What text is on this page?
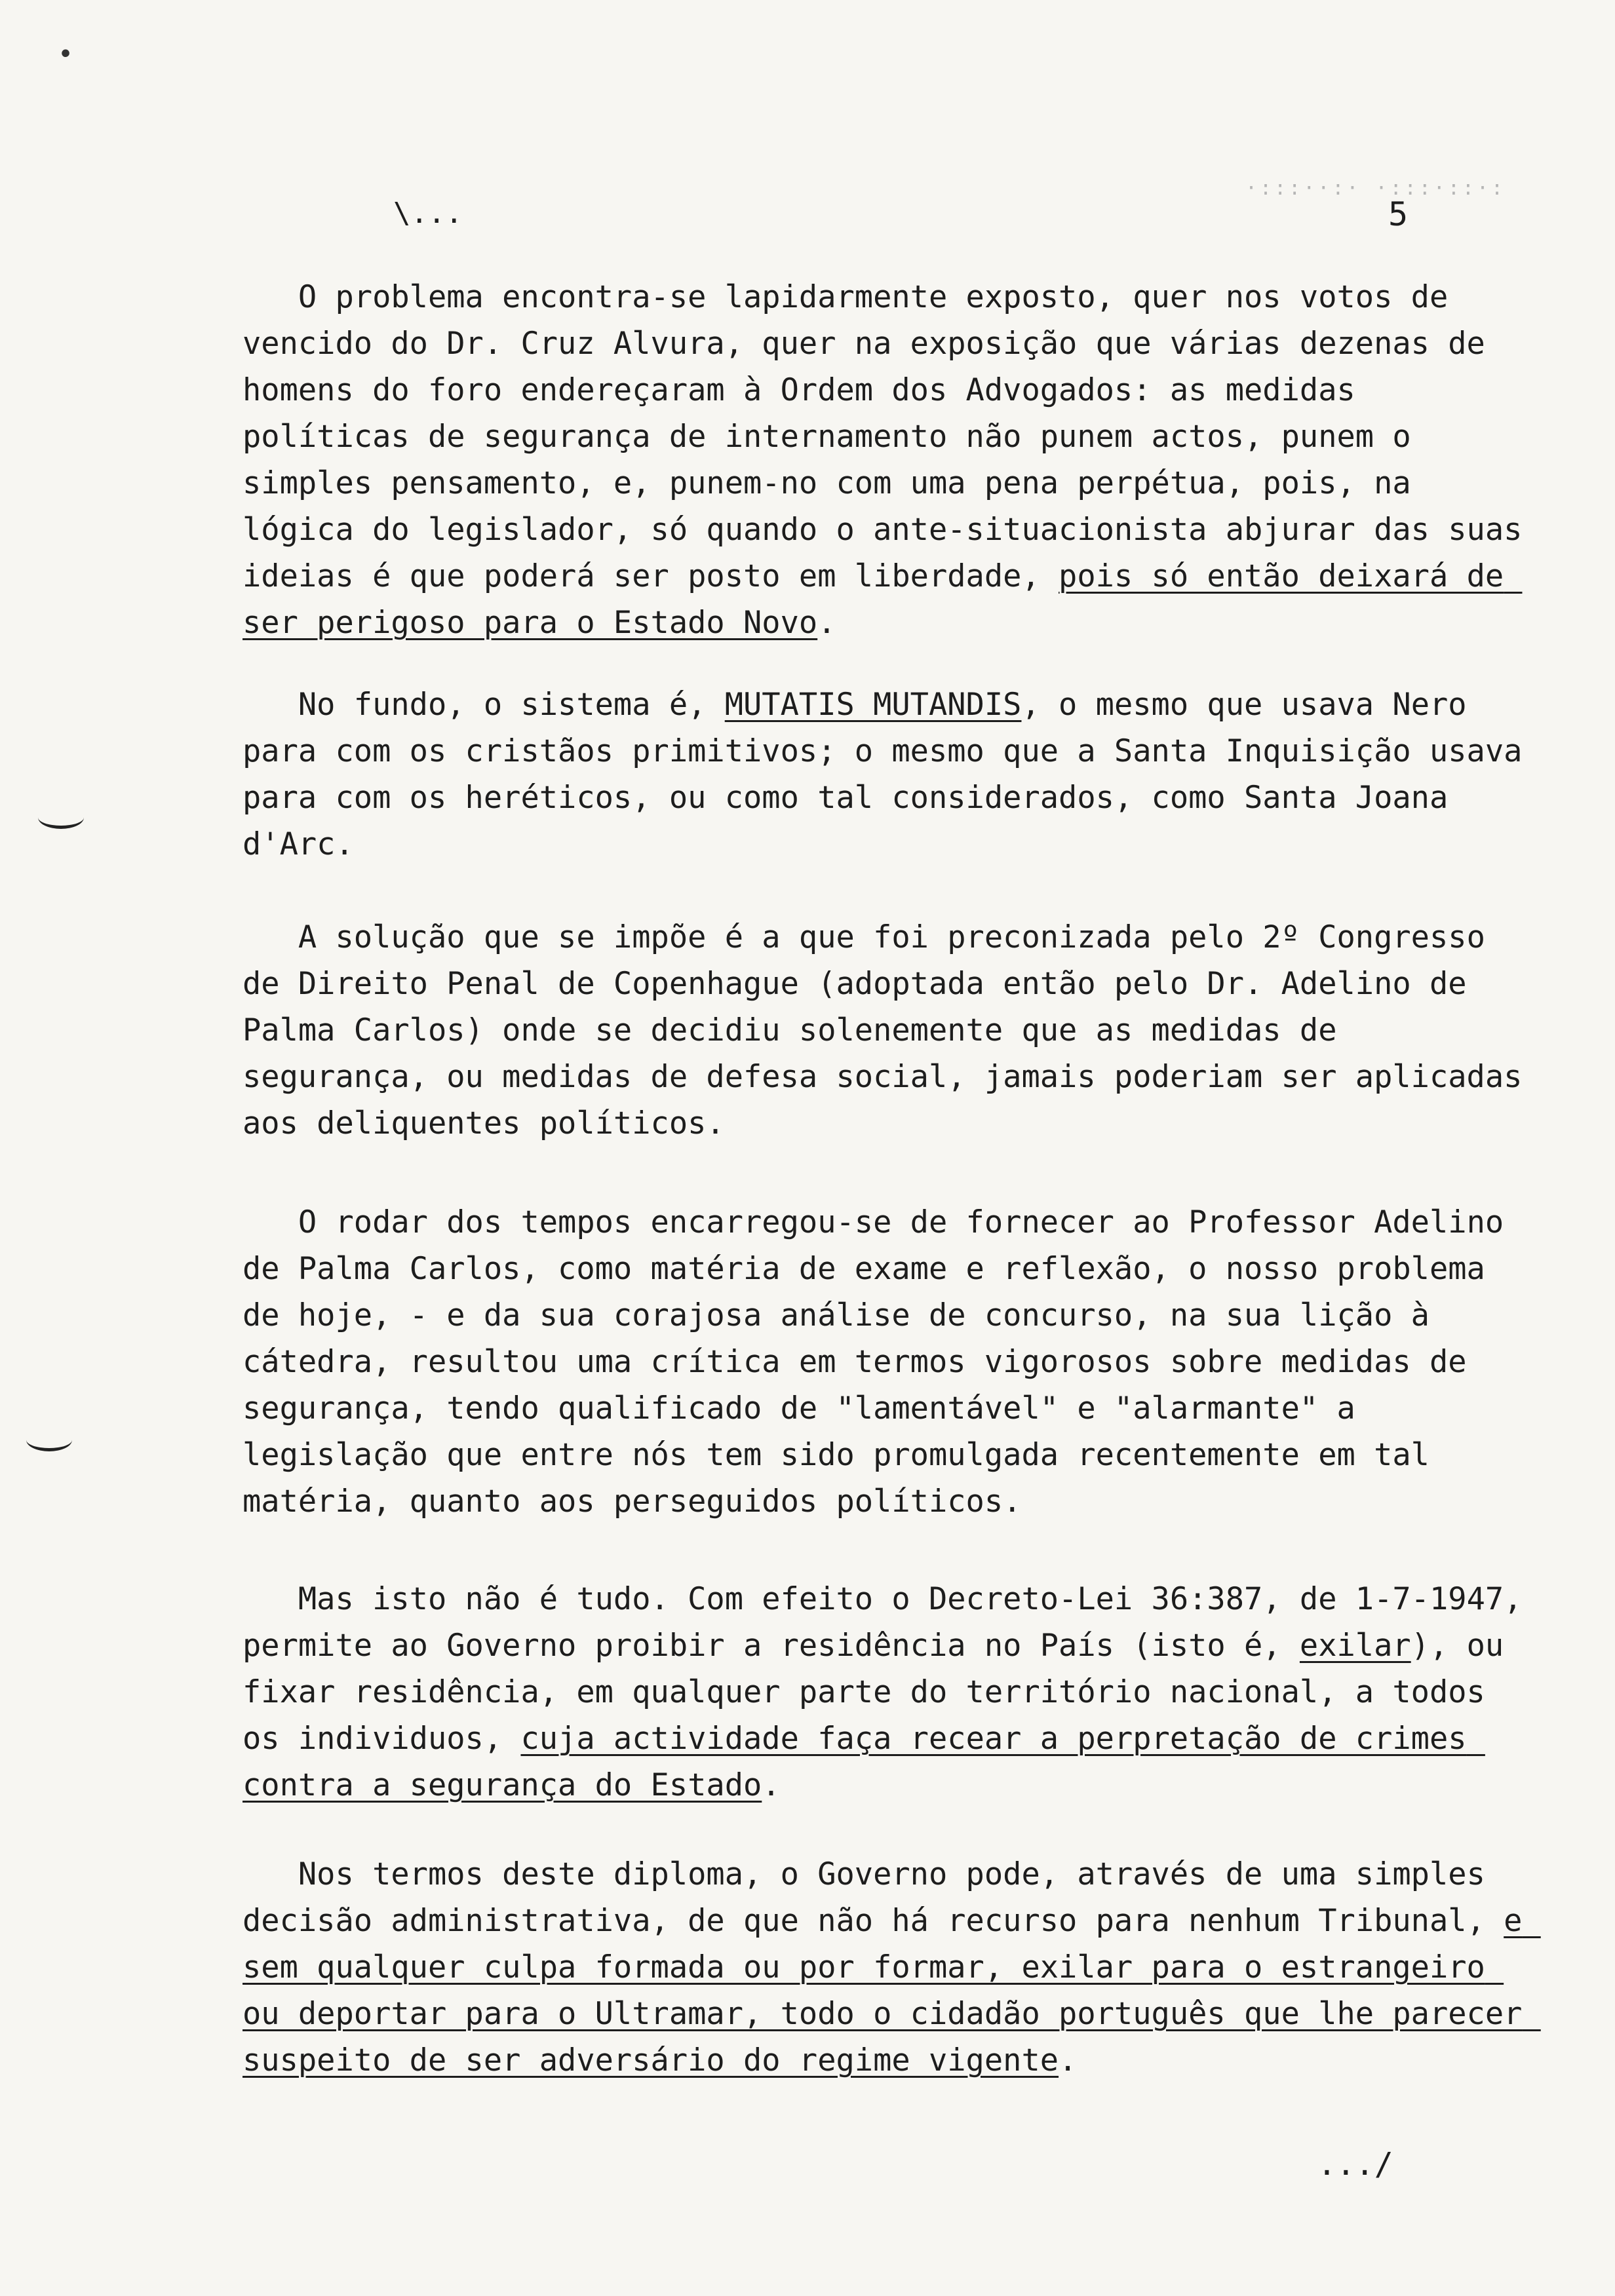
·:::··:· ·:::·::·:
\...	5
•

O problema encontra-se lapidarmente exposto, quer nos votos de vencido do Dr. Cruz Alvura, quer na exposição que várias dezenas de homens do foro endereçaram à Ordem dos Advogados: as medidas políticas de segurança de internamento não punem actos, punem o simples pensamento, e, punem-no com uma pena perpétua, pois, na lógica do legislador, só quando o ante-situacionista abjurar das suas ideias é que poderá ser posto em liberdade, pois só então deixará de ser perigoso para o Estado Novo.

No fundo, o sistema é, MUTATIS MUTANDIS, o mesmo que usava Nero para com os cristãos primitivos; o mesmo que a Santa Inquisição usava para com os heréticos, ou como tal considerados, como Santa Joana d'Arc.

A solução que se impõe é a que foi preconizada pelo 2º Congresso de Direito Penal de Copenhague (adoptada então pelo Dr. Adelino de Palma Carlos) onde se decidiu solenemente que as medidas de segurança, ou medidas de defesa social, jamais poderiam ser aplicadas aos deliquentes políticos.

O rodar dos tempos encarregou-se de fornecer ao Professor Adelino de Palma Carlos, como matéria de exame e reflexão, o nosso problema de hoje, - e da sua corajosa análise de concurso, na sua lição à cátedra, resultou uma crítica em termos vigorosos sobre medidas de segurança, tendo qualificado de "lamentável" e "alarmante" a legislação que entre nós tem sido promulgada recentemente em tal matéria, quanto aos perseguidos políticos.

Mas isto não é tudo. Com efeito o Decreto-Lei 36:387, de 1-7-1947, permite ao Governo proibir a residência no País (isto é, exilar), ou fixar residência, em qualquer parte do território nacional, a todos os individuos, cuja actividade faça recear a perpretação de crimes contra a segurança do Estado.

Nos termos deste diploma, o Governo pode, através de uma simples decisão administrativa, de que não há recurso para nenhum Tribunal, e sem qualquer culpa formada ou por formar, exilar para o estrangeiro ou deportar para o Ultramar, todo o cidadão português que lhe parecer suspeito de ser adversário do regime vigente.

.../
